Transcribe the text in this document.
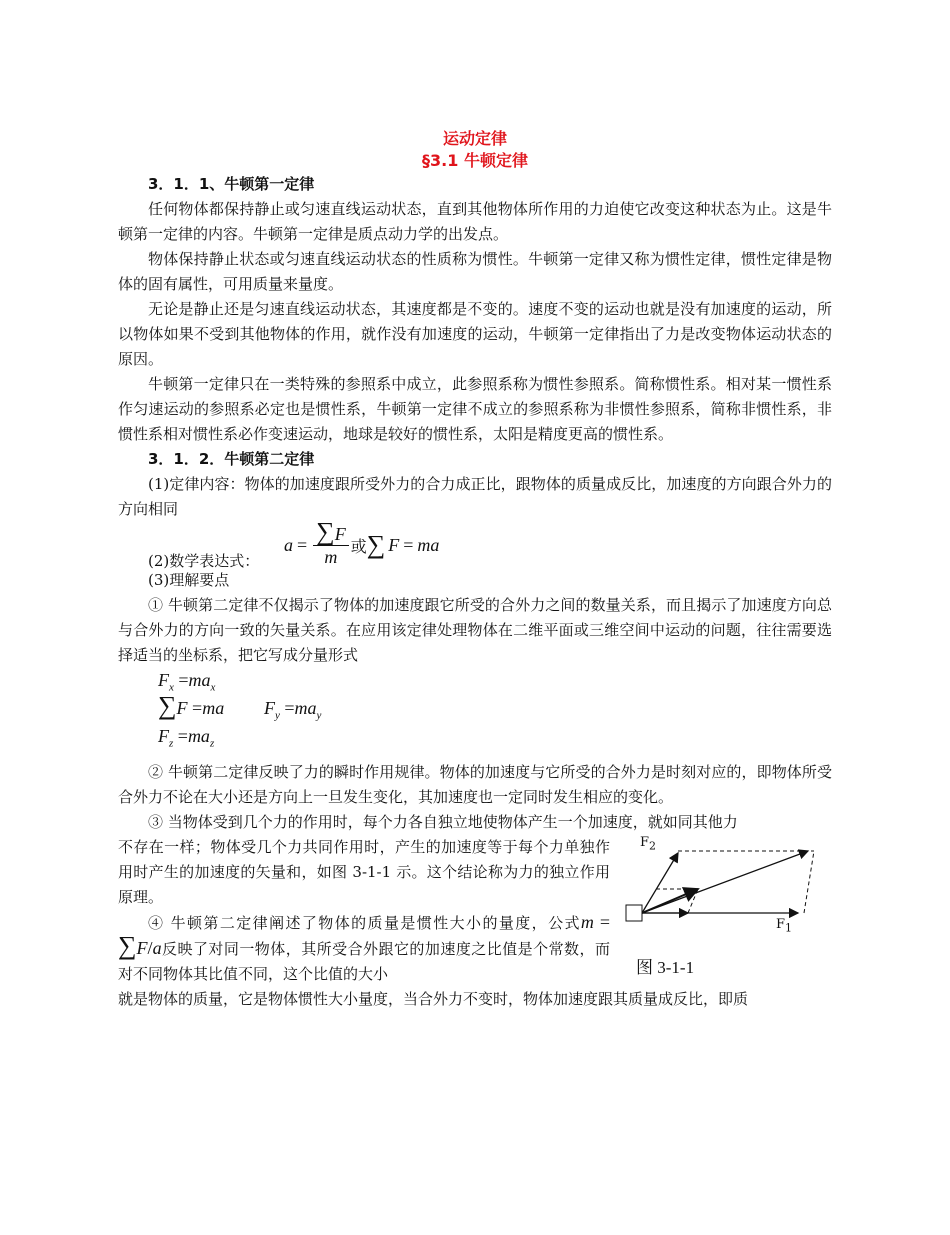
运动定律
§3.1 牛顿定律
3．1．1、牛顿第一定律

任何物体都保持静止或匀速直线运动状态，直到其他物体所作用的力迫使它改变这种状态为止。这是牛顿第一定律的内容。牛顿第一定律是质点动力学的出发点。

物体保持静止状态或匀速直线运动状态的性质称为惯性。牛顿第一定律又称为惯性定律，惯性定律是物体的固有属性，可用质量来量度。

无论是静止还是匀速直线运动状态，其速度都是不变的。速度不变的运动也就是没有加速度的运动，所以物体如果不受到其他物体的作用，就作没有加速度的运动，牛顿第一定律指出了力是改变物体运动状态的原因。

牛顿第一定律只在一类特殊的参照系中成立，此参照系称为惯性参照系。简称惯性系。相对某一惯性系作匀速运动的参照系必定也是惯性系，牛顿第一定律不成立的参照系称为非惯性参照系，简称非惯性系，非惯性系相对惯性系必作变速运动，地球是较好的惯性系，太阳是精度更高的惯性系。

3．1．2．牛顿第二定律

(1)定律内容：物体的加速度跟所受外力的合力成正比，跟物体的质量成反比，加速度的方向跟合外力的方向相同

(2)数学表达式：
$a = \frac{\sum F}{m}$ 或 ∑ F = ma

(3)理解要点

① 牛顿第二定律不仅揭示了物体的加速度跟它所受的合外力之间的数量关系，而且揭示了加速度方向总与合外力的方向一致的矢量关系。在应用该定律处理物体在二维平面或三维空间中运动的问题，往往需要选择适当的坐标系，把它写成分量形式

$F_x =ma_x$
∑F =ma $F_y =ma_y$
$F_z =ma_z$

② 牛顿第二定律反映了力的瞬时作用规律。物体的加速度与它所受的合外力是时刻对应的，即物体所受合外力不论在大小还是方向上一旦发生变化，其加速度也一定同时发生相应的变化。

③ 当物体受到几个力的作用时，每个力各自独立地使物体产生一个加速度，就如同其他力

不存在一样；物体受几个力共同作用时，产生的加速度等于每个力单独作用时产生的加速度的矢量和，如图 3-1-1 示。这个结论称为力的独立作用原理。

④ 牛顿第二定律阐述了物体的质量是惯性大小的量度，公式m = ∑F/a反映了对同一物体，其所受合外跟它的加速度之比值是个常数，而对不同物体其比值不同，这个比值的大小

$F_2$
$F_1$
图 3-1-1

就是物体的质量，它是物体惯性大小量度，当合外力不变时，物体加速度跟其质量成反比，即质
